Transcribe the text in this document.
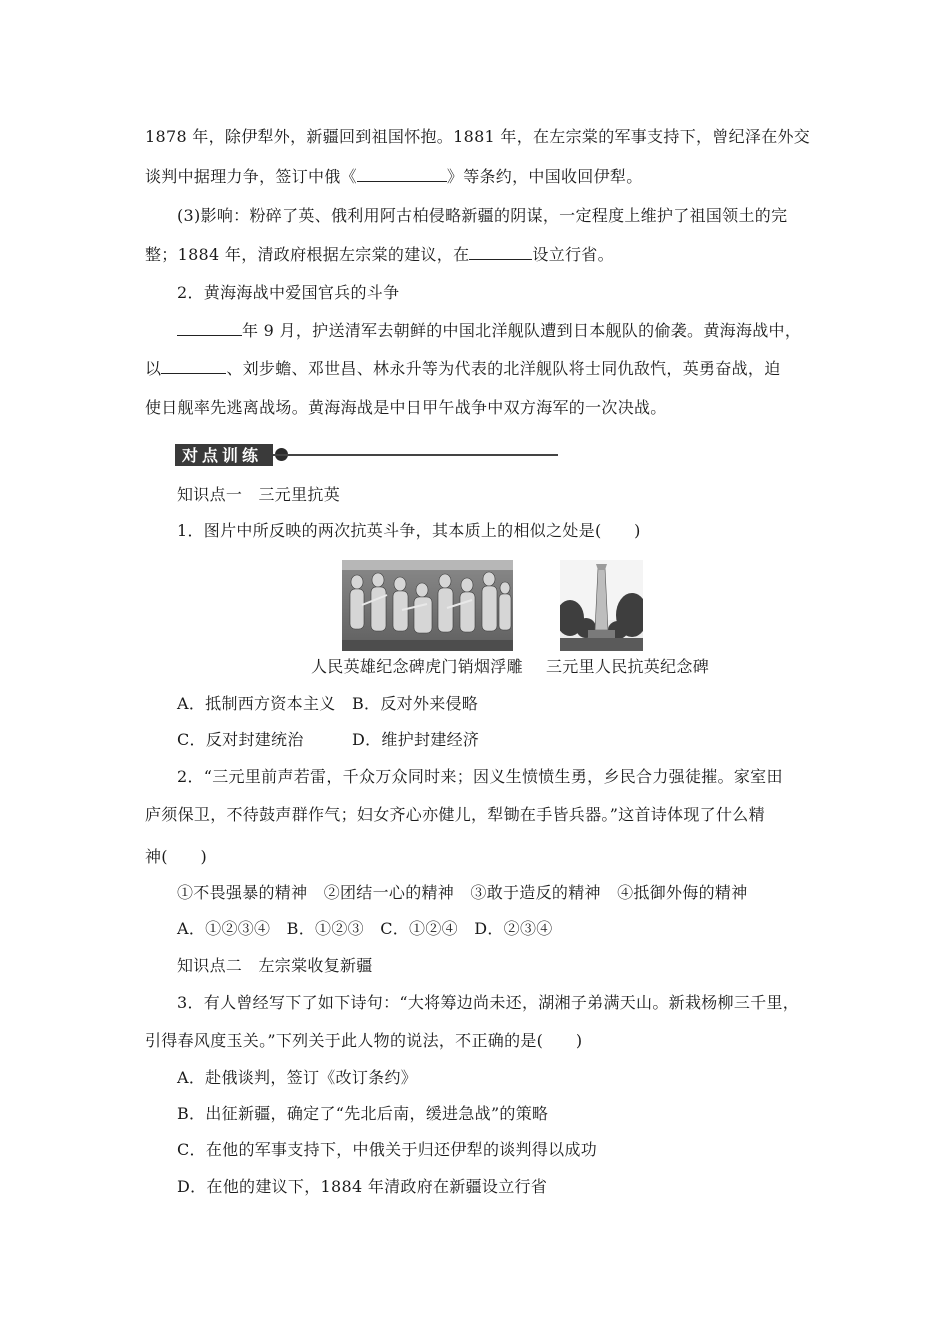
1878 年，除伊犁外，新疆回到祖国怀抱。1881 年，在左宗棠的军事支持下，曾纪泽在外交
谈判中据理力争，签订中俄《	》等条约，中国收回伊犁。
(3)影响：粉碎了英、俄利用阿古柏侵略新疆的阴谋，一定程度上维护了祖国领土的完
整；1884 年，清政府根据左宗棠的建议，在	设立行省。
2．黄海海战中爱国官兵的斗争
年 9 月，护送清军去朝鲜的中国北洋舰队遭到日本舰队的偷袭。黄海海战中，
以	、刘步蟾、邓世昌、林永升等为代表的北洋舰队将士同仇敌忾，英勇奋战，迫
使日舰率先逃离战场。黄海海战是中日甲午战争中双方海军的一次决战。
对点训练
知识点一　三元里抗英
1．图片中所反映的两次抗英斗争，其本质上的相似之处是(　　)
人民英雄纪念碑虎门销烟浮雕 三元里人民抗英纪念碑
A．抵制西方资本主义 B．反对外来侵略
C．反对封建统治	D．维护封建经济
2．“三元里前声若雷，千众万众同时来；因义生愤愤生勇，乡民合力强徒摧。家室田
庐须保卫，不待鼓声群作气；妇女齐心亦健儿，犁锄在手皆兵器。”这首诗体现了什么精
神(　　)
①不畏强暴的精神　②团结一心的精神　③敢于造反的精神　④抵御外侮的精神
A．①②③④　B．①②③　C．①②④　D．②③④
知识点二　左宗棠收复新疆
3．有人曾经写下了如下诗句：“大将筹边尚未还，湖湘子弟满天山。新栽杨柳三千里，
引得春风度玉关。”下列关于此人物的说法，不正确的是(　　)
A．赴俄谈判，签订《改订条约》
B．出征新疆，确定了“先北后南，缓进急战”的策略
C．在他的军事支持下，中俄关于归还伊犁的谈判得以成功
D．在他的建议下，1884 年清政府在新疆设立行省
